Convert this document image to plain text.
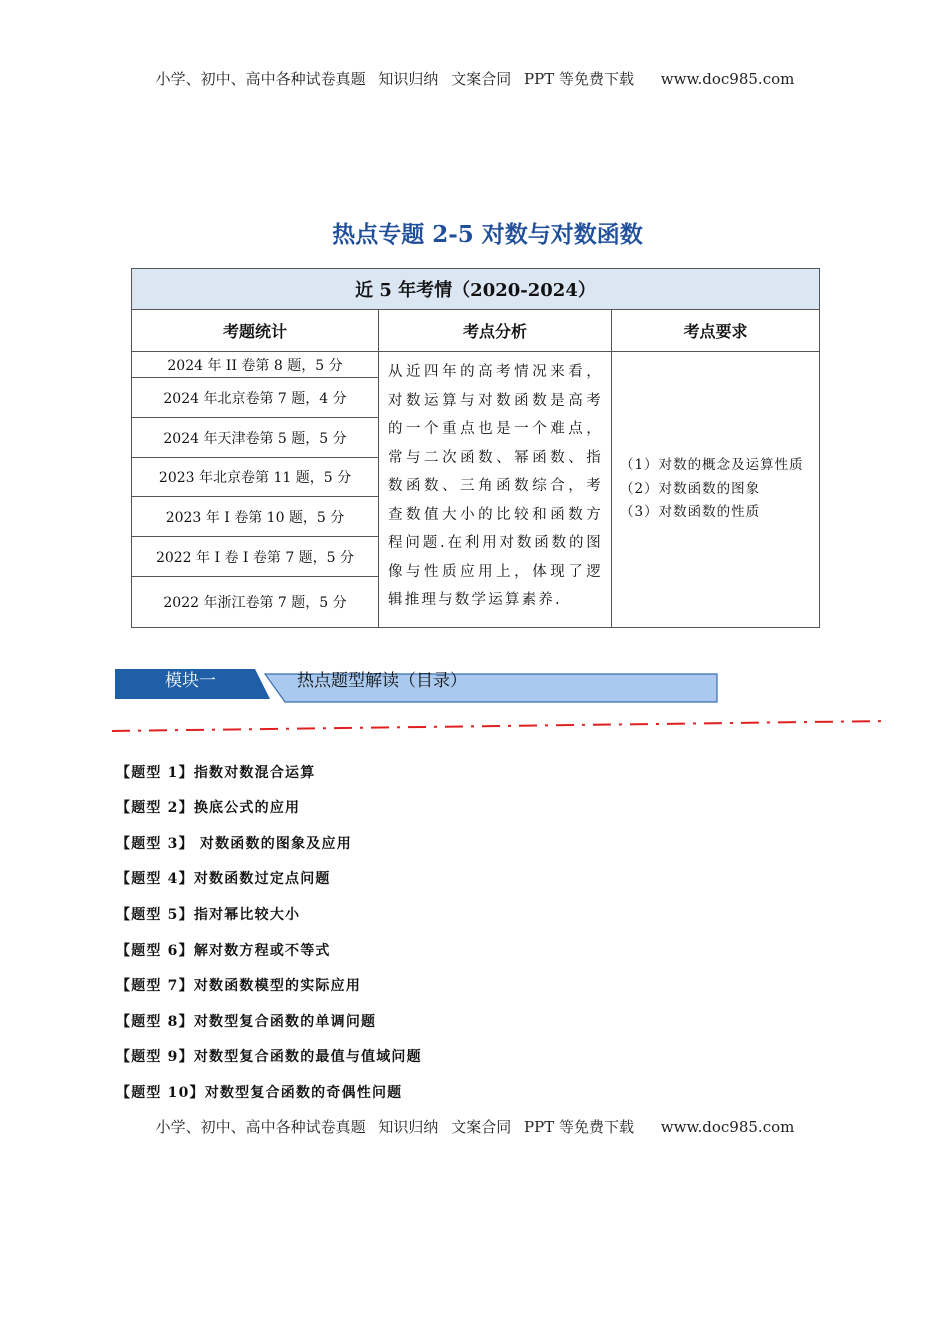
小学、初中、高中各种试卷真题 知识归纳 文案合同 PPT 等免费下载 www.doc985.com
热点专题 2-5 对数与对数函数
近 5 年考情（2020-2024）		
考题统计	考点分析	考点要求
2024 年 II 卷第 8 题，5 分	从近四年的高考情况来看，对数运算与对数函数是高考的一个重点也是一个难点，常与二次函数、幂函数、指数函数、三角函数综合，考查数值大小的比较和函数方程问题.在利用对数函数的图像与性质应用上，体现了逻辑推理与数学运算素养.	（1）对数的概念及运算性质
（2）对数函数的图象
（3）对数函数的性质

2024 年北京卷第 7 题，4 分		
2024 年天津卷第 5 题，5 分		
2023 年北京卷第 11 题，5 分		
2023 年 I 卷第 10 题，5 分		
2022 年 I 卷 I 卷第 7 题，5 分		
2022 年浙江卷第 7 题，5 分		
模块一	热点题型解读（目录）
【题型 1】指数对数混合运算
【题型 2】换底公式的应用
【题型 3】 对数函数的图象及应用
【题型 4】对数函数过定点问题
【题型 5】指对幂比较大小
【题型 6】解对数方程或不等式
【题型 7】对数函数模型的实际应用
【题型 8】对数型复合函数的单调问题
【题型 9】对数型复合函数的最值与值域问题
【题型 10】对数型复合函数的奇偶性问题
小学、初中、高中各种试卷真题 知识归纳 文案合同 PPT 等免费下载 www.doc985.com
